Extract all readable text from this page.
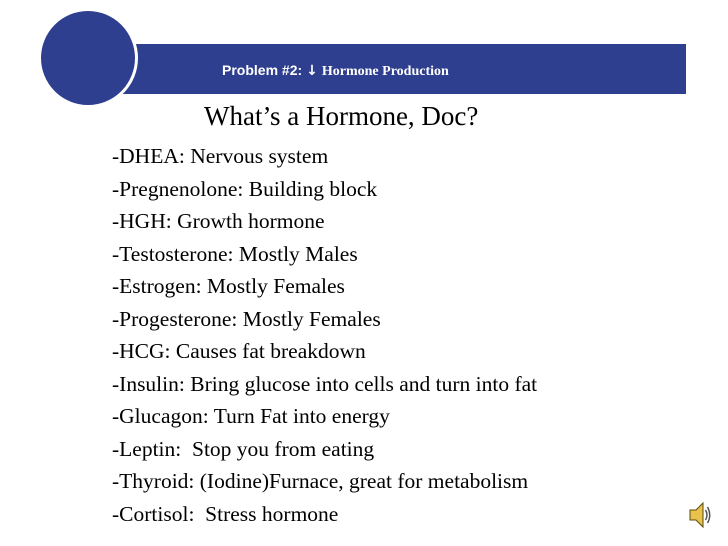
Problem #2: ↓ Hormone Production
What’s a Hormone, Doc?
-DHEA: Nervous system
-Pregnenolone: Building block
-HGH: Growth hormone
-Testosterone: Mostly Males
-Estrogen: Mostly Females
-Progesterone: Mostly Females
-HCG: Causes fat breakdown
-Insulin: Bring glucose into cells and turn into fat
-Glucagon: Turn Fat into energy
-Leptin:  Stop you from eating
-Thyroid: (Iodine)Furnace, great for metabolism
-Cortisol:  Stress hormone
